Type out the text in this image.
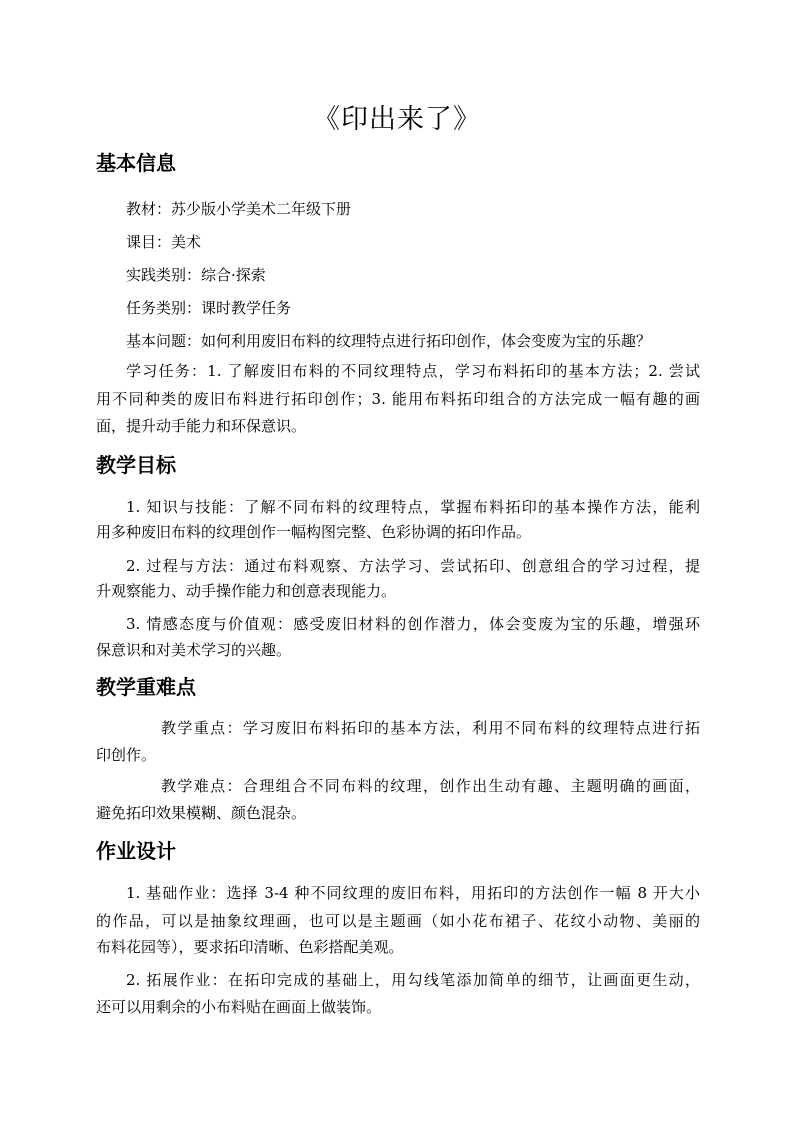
《印出来了》
基本信息
教材：苏少版小学美术二年级下册
课目：美术
实践类别：综合·探索
任务类别：课时教学任务
基本问题：如何利用废旧布料的纹理特点进行拓印创作，体会变废为宝的乐趣？
学习任务：1. 了解废旧布料的不同纹理特点，学习布料拓印的基本方法；2. 尝试
用不同种类的废旧布料进行拓印创作；3. 能用布料拓印组合的方法完成一幅有趣的画
面，提升动手能力和环保意识。
教学目标
1. 知识与技能：了解不同布料的纹理特点，掌握布料拓印的基本操作方法，能利
用多种废旧布料的纹理创作一幅构图完整、色彩协调的拓印作品。
2. 过程与方法：通过布料观察、方法学习、尝试拓印、创意组合的学习过程，提
升观察能力、动手操作能力和创意表现能力。
3. 情感态度与价值观：感受废旧材料的创作潜力，体会变废为宝的乐趣，增强环
保意识和对美术学习的兴趣。
教学重难点
教学重点：学习废旧布料拓印的基本方法，利用不同布料的纹理特点进行拓
印创作。
教学难点：合理组合不同布料的纹理，创作出生动有趣、主题明确的画面，
避免拓印效果模糊、颜色混杂。
作业设计
1. 基础作业：选择 3-4 种不同纹理的废旧布料，用拓印的方法创作一幅 8 开大小
的作品，可以是抽象纹理画，也可以是主题画（如小花布裙子、花纹小动物、美丽的
布料花园等），要求拓印清晰、色彩搭配美观。
2. 拓展作业：在拓印完成的基础上，用勾线笔添加简单的细节，让画面更生动，
还可以用剩余的小布料贴在画面上做装饰。
